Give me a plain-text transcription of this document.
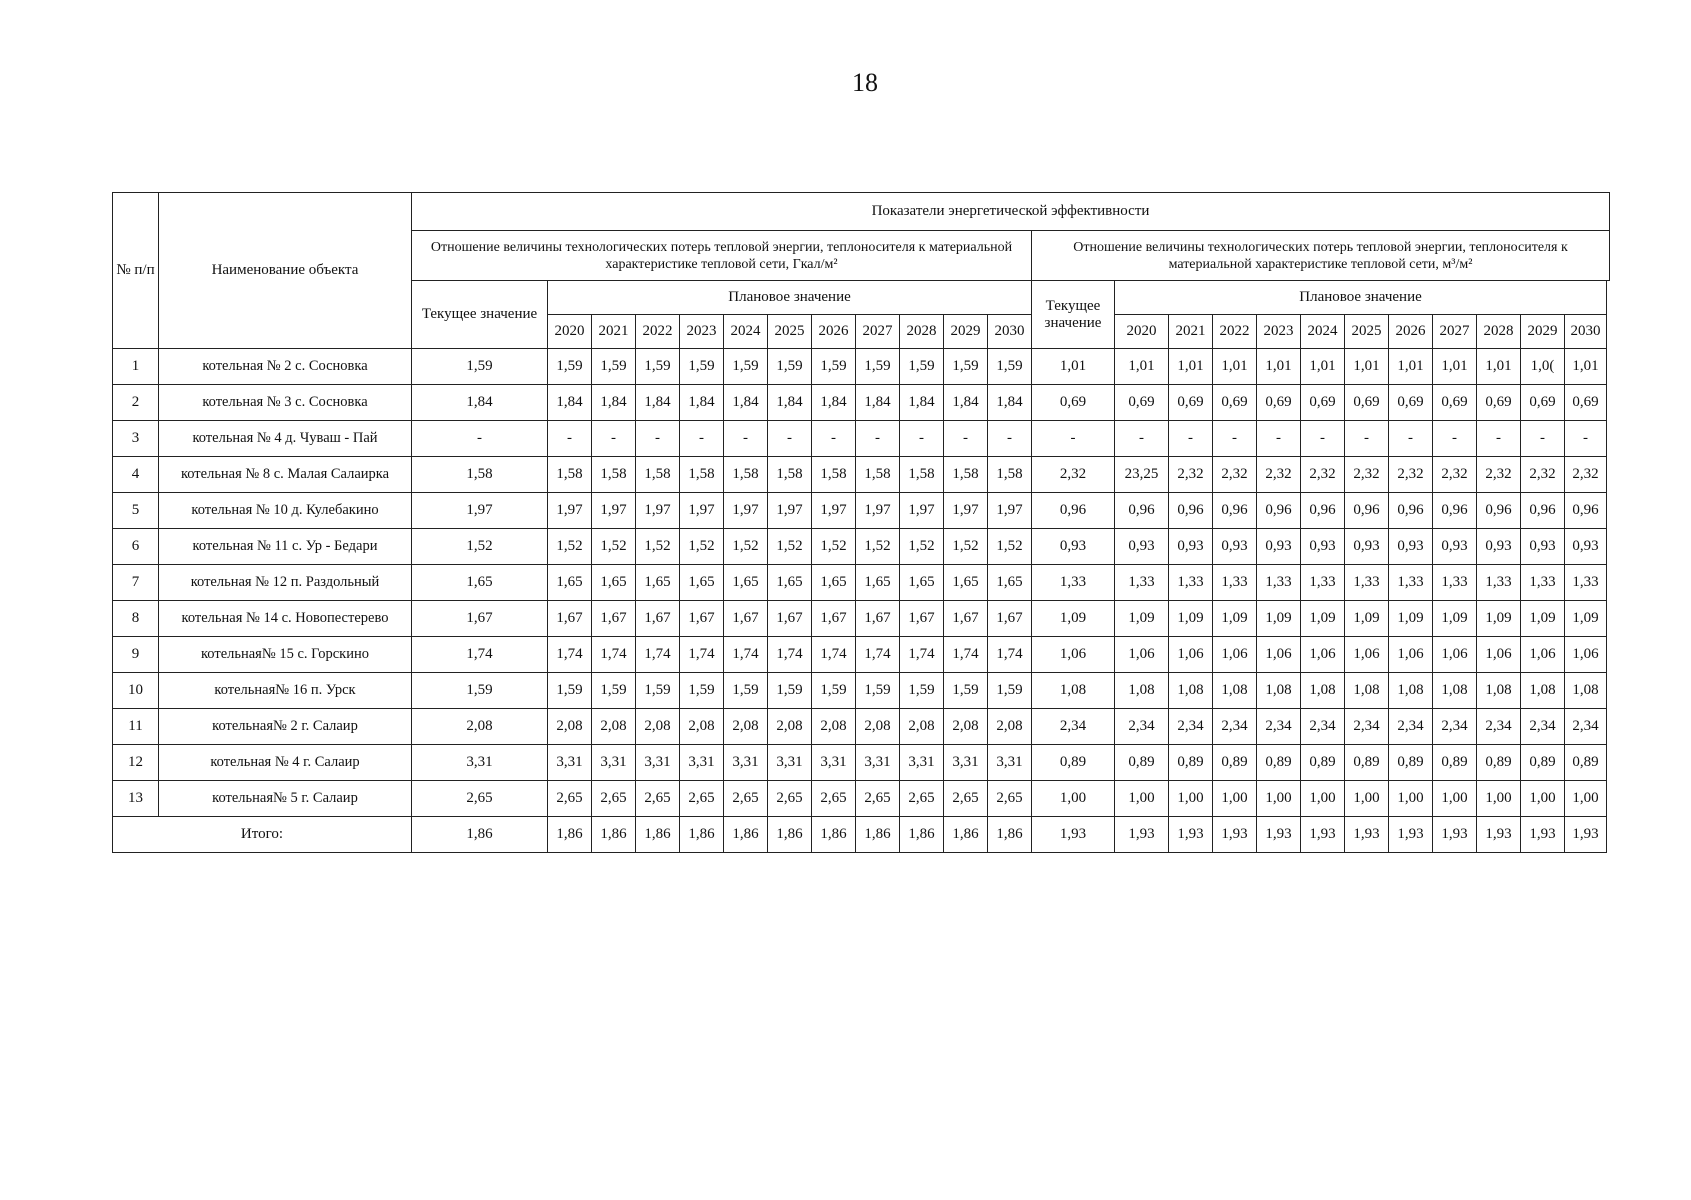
18
№ п/п	Наименование объекта	Показатели энергетической эффективности																							
		Отношение величины технологических потерь тепловой энергии, теплоносителя к материальной характеристике тепловой сети, Гкал/м²												Отношение величины технологических потерь тепловой энергии, теплоносителя к материальной характеристике тепловой сети, м³/м²											
		Текущее значение	Плановое значение											Текущее значение	Плановое значение										
			2020	2021	2022	2023	2024	2025	2026	2027	2028	2029	2030		2020	2021	2022	2023	2024	2025	2026	2027	2028	2029	2030
1	котельная № 2 с. Сосновка	1,59	1,59	1,59	1,59	1,59	1,59	1,59	1,59	1,59	1,59	1,59	1,59	1,01	1,01	1,01	1,01	1,01	1,01	1,01	1,01	1,01	1,01	1,0(	1,01
2	котельная № 3 с. Сосновка	1,84	1,84	1,84	1,84	1,84	1,84	1,84	1,84	1,84	1,84	1,84	1,84	0,69	0,69	0,69	0,69	0,69	0,69	0,69	0,69	0,69	0,69	0,69	0,69
3	котельная № 4 д. Чуваш - Пай	-	-	-	-	-	-	-	-	-	-	-	-	-	-	-	-	-	-	-	-	-	-	-	-
4	котельная № 8 с. Малая Салаирка	1,58	1,58	1,58	1,58	1,58	1,58	1,58	1,58	1,58	1,58	1,58	1,58	2,32	23,25	2,32	2,32	2,32	2,32	2,32	2,32	2,32	2,32	2,32	2,32
5	котельная № 10 д. Кулебакино	1,97	1,97	1,97	1,97	1,97	1,97	1,97	1,97	1,97	1,97	1,97	1,97	0,96	0,96	0,96	0,96	0,96	0,96	0,96	0,96	0,96	0,96	0,96	0,96
6	котельная № 11 с. Ур - Бедари	1,52	1,52	1,52	1,52	1,52	1,52	1,52	1,52	1,52	1,52	1,52	1,52	0,93	0,93	0,93	0,93	0,93	0,93	0,93	0,93	0,93	0,93	0,93	0,93
7	котельная № 12 п. Раздольный	1,65	1,65	1,65	1,65	1,65	1,65	1,65	1,65	1,65	1,65	1,65	1,65	1,33	1,33	1,33	1,33	1,33	1,33	1,33	1,33	1,33	1,33	1,33	1,33
8	котельная № 14 с. Новопестерево	1,67	1,67	1,67	1,67	1,67	1,67	1,67	1,67	1,67	1,67	1,67	1,67	1,09	1,09	1,09	1,09	1,09	1,09	1,09	1,09	1,09	1,09	1,09	1,09
9	котельная№ 15 с. Горскино	1,74	1,74	1,74	1,74	1,74	1,74	1,74	1,74	1,74	1,74	1,74	1,74	1,06	1,06	1,06	1,06	1,06	1,06	1,06	1,06	1,06	1,06	1,06	1,06
10	котельная№ 16 п. Урск	1,59	1,59	1,59	1,59	1,59	1,59	1,59	1,59	1,59	1,59	1,59	1,59	1,08	1,08	1,08	1,08	1,08	1,08	1,08	1,08	1,08	1,08	1,08	1,08
11	котельная№ 2 г. Салаир	2,08	2,08	2,08	2,08	2,08	2,08	2,08	2,08	2,08	2,08	2,08	2,08	2,34	2,34	2,34	2,34	2,34	2,34	2,34	2,34	2,34	2,34	2,34	2,34
12	котельная № 4 г. Салаир	3,31	3,31	3,31	3,31	3,31	3,31	3,31	3,31	3,31	3,31	3,31	3,31	0,89	0,89	0,89	0,89	0,89	0,89	0,89	0,89	0,89	0,89	0,89	0,89
13	котельная№ 5 г. Салаир	2,65	2,65	2,65	2,65	2,65	2,65	2,65	2,65	2,65	2,65	2,65	2,65	1,00	1,00	1,00	1,00	1,00	1,00	1,00	1,00	1,00	1,00	1,00	1,00
Итого:		1,86	1,86	1,86	1,86	1,86	1,86	1,86	1,86	1,86	1,86	1,86	1,86	1,93	1,93	1,93	1,93	1,93	1,93	1,93	1,93	1,93	1,93	1,93	1,93
